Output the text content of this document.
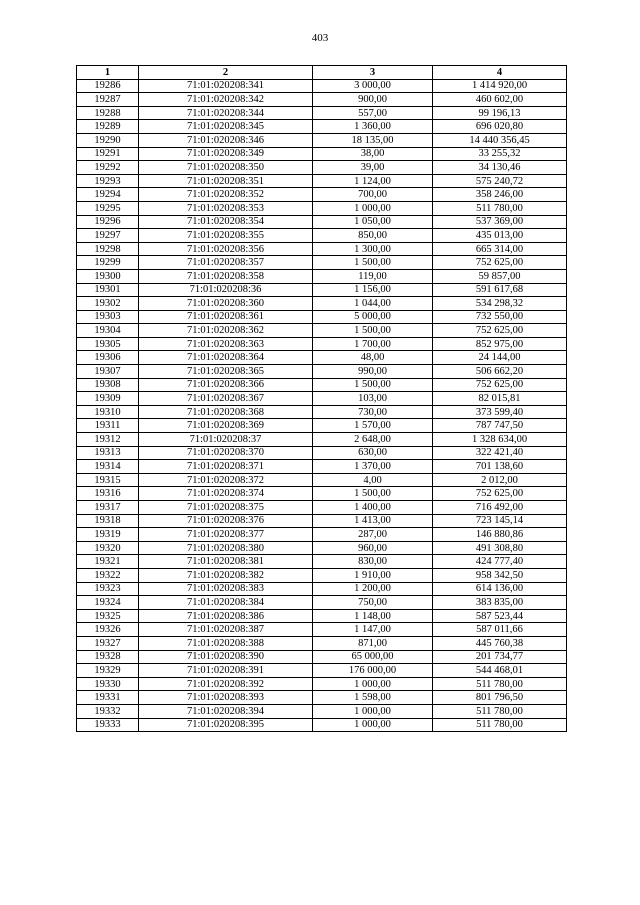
403
1	2	3	4
19286	71:01:020208:341	3 000,00	1 414 920,00
19287	71:01:020208:342	900,00	460 602,00
19288	71:01:020208:344	557,00	99 196,13
19289	71:01:020208:345	1 360,00	696 020,80
19290	71:01:020208:346	18 135,00	14 440 356,45
19291	71:01:020208:349	38,00	33 255,32
19292	71:01:020208:350	39,00	34 130,46
19293	71:01:020208:351	1 124,00	575 240,72
19294	71:01:020208:352	700,00	358 246,00
19295	71:01:020208:353	1 000,00	511 780,00
19296	71:01:020208:354	1 050,00	537 369,00
19297	71:01:020208:355	850,00	435 013,00
19298	71:01:020208:356	1 300,00	665 314,00
19299	71:01:020208:357	1 500,00	752 625,00
19300	71:01:020208:358	119,00	59 857,00
19301	71:01:020208:36	1 156,00	591 617,68
19302	71:01:020208:360	1 044,00	534 298,32
19303	71:01:020208:361	5 000,00	732 550,00
19304	71:01:020208:362	1 500,00	752 625,00
19305	71:01:020208:363	1 700,00	852 975,00
19306	71:01:020208:364	48,00	24 144,00
19307	71:01:020208:365	990,00	506 662,20
19308	71:01:020208:366	1 500,00	752 625,00
19309	71:01:020208:367	103,00	82 015,81
19310	71:01:020208:368	730,00	373 599,40
19311	71:01:020208:369	1 570,00	787 747,50
19312	71:01:020208:37	2 648,00	1 328 634,00
19313	71:01:020208:370	630,00	322 421,40
19314	71:01:020208:371	1 370,00	701 138,60
19315	71:01:020208:372	4,00	2 012,00
19316	71:01:020208:374	1 500,00	752 625,00
19317	71:01:020208:375	1 400,00	716 492,00
19318	71:01:020208:376	1 413,00	723 145,14
19319	71:01:020208:377	287,00	146 880,86
19320	71:01:020208:380	960,00	491 308,80
19321	71:01:020208:381	830,00	424 777,40
19322	71:01:020208:382	1 910,00	958 342,50
19323	71:01:020208:383	1 200,00	614 136,00
19324	71:01:020208:384	750,00	383 835,00
19325	71:01:020208:386	1 148,00	587 523,44
19326	71:01:020208:387	1 147,00	587 011,66
19327	71:01:020208:388	871,00	445 760,38
19328	71:01:020208:390	65 000,00	201 734,77
19329	71:01:020208:391	176 000,00	544 468,01
19330	71:01:020208:392	1 000,00	511 780,00
19331	71:01:020208:393	1 598,00	801 796,50
19332	71:01:020208:394	1 000,00	511 780,00
19333	71:01:020208:395	1 000,00	511 780,00
